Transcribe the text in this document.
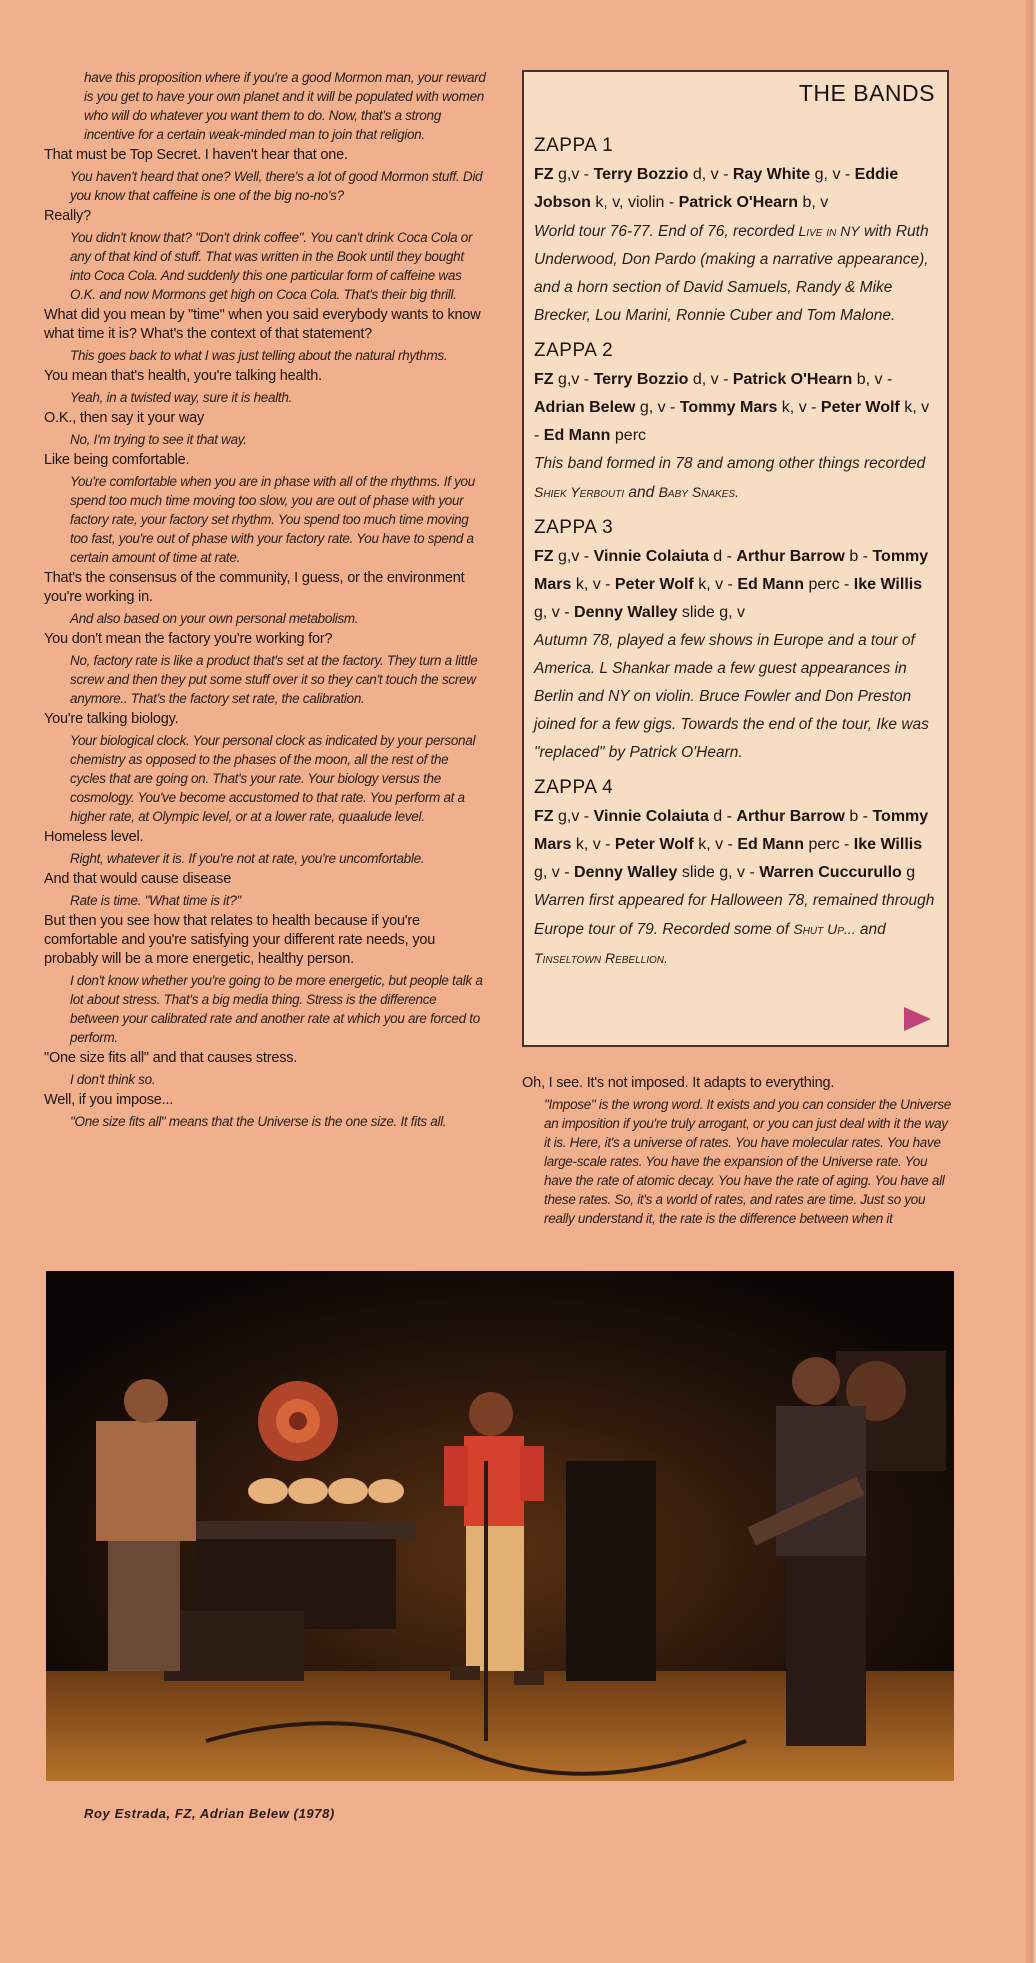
have this proposition where if you're a good Mormon man, your reward is you get to have your own planet and it will be populated with women who will do whatever you want them to do. Now, that's a strong incentive for a certain weak-minded man to join that religion.
That must be Top Secret. I haven't hear that one.
You haven't heard that one? Well, there's a lot of good Mormon stuff. Did you know that caffeine is one of the big no-no's?
Really?
You didn't know that? "Don't drink coffee". You can't drink Coca Cola or any of that kind of stuff. That was written in the Book until they bought into Coca Cola. And suddenly this one particular form of caffeine was O.K. and now Mormons get high on Coca Cola. That's their big thrill.
What did you mean by "time" when you said everybody wants to know what time it is? What's the context of that statement?
This goes back to what I was just telling about the natural rhythms.
You mean that's health, you're talking health.
Yeah, in a twisted way, sure it is health.
O.K., then say it your way
No, I'm trying to see it that way.
Like being comfortable.
You're comfortable when you are in phase with all of the rhythms. If you spend too much time moving too slow, you are out of phase with your factory rate, your factory set rhythm. You spend too much time moving too fast, you're out of phase with your factory rate. You have to spend a certain amount of time at rate.
That's the consensus of the community, I guess, or the environment you're working in.
And also based on your own personal metabolism.
You don't mean the factory you're working for?
No, factory rate is like a product that's set at the factory. They turn a little screw and then they put some stuff over it so they can't touch the screw anymore.. That's the factory set rate, the calibration.
You're talking biology.
Your biological clock. Your personal clock as indicated by your personal chemistry as opposed to the phases of the moon, all the rest of the cycles that are going on. That's your rate. Your biology versus the cosmology. You've become accustomed to that rate. You perform at a higher rate, at Olympic level, or at a lower rate, quaalude level.
Homeless level.
Right, whatever it is. If you're not at rate, you're uncomfortable.
And that would cause disease
Rate is time. "What time is it?"
But then you see how that relates to health because if you're comfortable and you're satisfying your different rate needs, you probably will be a more energetic, healthy person.
I don't know whether you're going to be more energetic, but people talk a lot about stress. That's a big media thing. Stress is the difference between your calibrated rate and another rate at which you are forced to perform.
"One size fits all" and that causes stress.
I don't think so.
Well, if you impose...
"One size fits all" means that the Universe is the one size. It fits all.
THE BANDS
ZAPPA 1
FZ g,v - Terry Bozzio d, v - Ray White g, v - Eddie Jobson k, v, violin - Patrick O'Hearn b, v
World tour 76-77. End of 76, recorded Live in NY with Ruth Underwood, Don Pardo (making a narrative appearance), and a horn section of David Samuels, Randy & Mike Brecker, Lou Marini, Ronnie Cuber and Tom Malone.
ZAPPA 2
FZ g,v - Terry Bozzio d, v - Patrick O'Hearn b, v - Adrian Belew g, v - Tommy Mars k, v - Peter Wolf k, v - Ed Mann perc
This band formed in 78 and among other things recorded Shiek Yerbouti and Baby Snakes.
ZAPPA 3
FZ g,v - Vinnie Colaiuta d - Arthur Barrow b - Tommy Mars k, v - Peter Wolf k, v - Ed Mann perc - Ike Willis g, v - Denny Walley slide g, v
Autumn 78, played a few shows in Europe and a tour of America. L Shankar made a few guest appearances in Berlin and NY on violin. Bruce Fowler and Don Preston joined for a few gigs. Towards the end of the tour, Ike was "replaced" by Patrick O'Hearn.
ZAPPA 4
FZ g,v - Vinnie Colaiuta d - Arthur Barrow b - Tommy Mars k, v - Peter Wolf k, v - Ed Mann perc - Ike Willis g, v - Denny Walley slide g, v - Warren Cuccurullo g
Warren first appeared for Halloween 78, remained through Europe tour of 79. Recorded some of Shut Up... and Tinseltown Rebellion.
Oh, I see. It's not imposed. It adapts to everything.
"Impose" is the wrong word. It exists and you can consider the Universe an imposition if you're truly arrogant, or you can just deal with it the way it is. Here, it's a universe of rates. You have molecular rates. You have large-scale rates. You have the expansion of the Universe rate. You have the rate of atomic decay. You have the rate of aging. You have all these rates. So, it's a world of rates, and rates are time. Just so you really understand it, the rate is the difference between when it
Roy Estrada, FZ, Adrian Belew (1978)
